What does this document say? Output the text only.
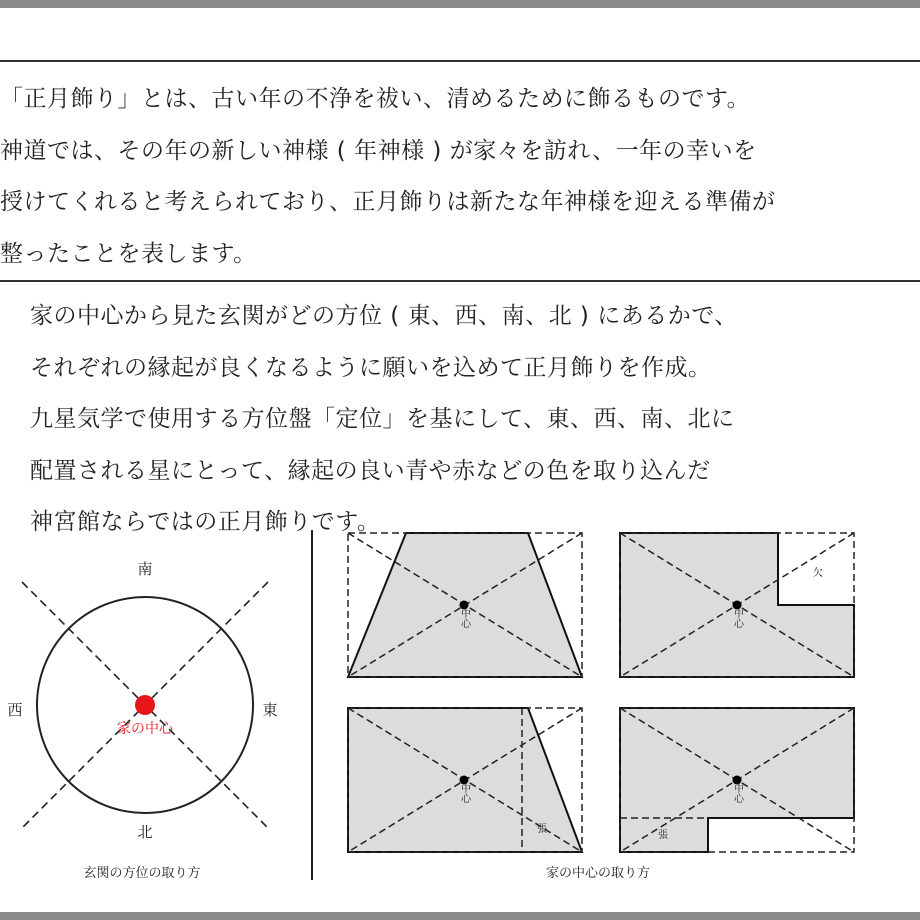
「正月飾り」とは、古い年の不浄を祓い、清めるために飾るものです。
神道では、その年の新しい神様 ( 年神様 ) が家々を訪れ、一年の幸いを
授けてくれると考えられており、正月飾りは新たな年神様を迎える準備が
整ったことを表します。

家の中心から見た玄関がどの方位 ( 東、西、南、北 ) にあるかで、
それぞれの縁起が良くなるように願いを込めて正月飾りを作成。
九星気学で使用する方位盤「定位」を基にして、東、西、南、北に
配置される星にとって、縁起の良い青や赤などの色を取り込んだ
神宮館ならではの正月飾りです。

南
北
西	東
家の中心
玄関の方位の取り方
中心	中心
欠
中心
張
中心
張
家の中心の取り方
